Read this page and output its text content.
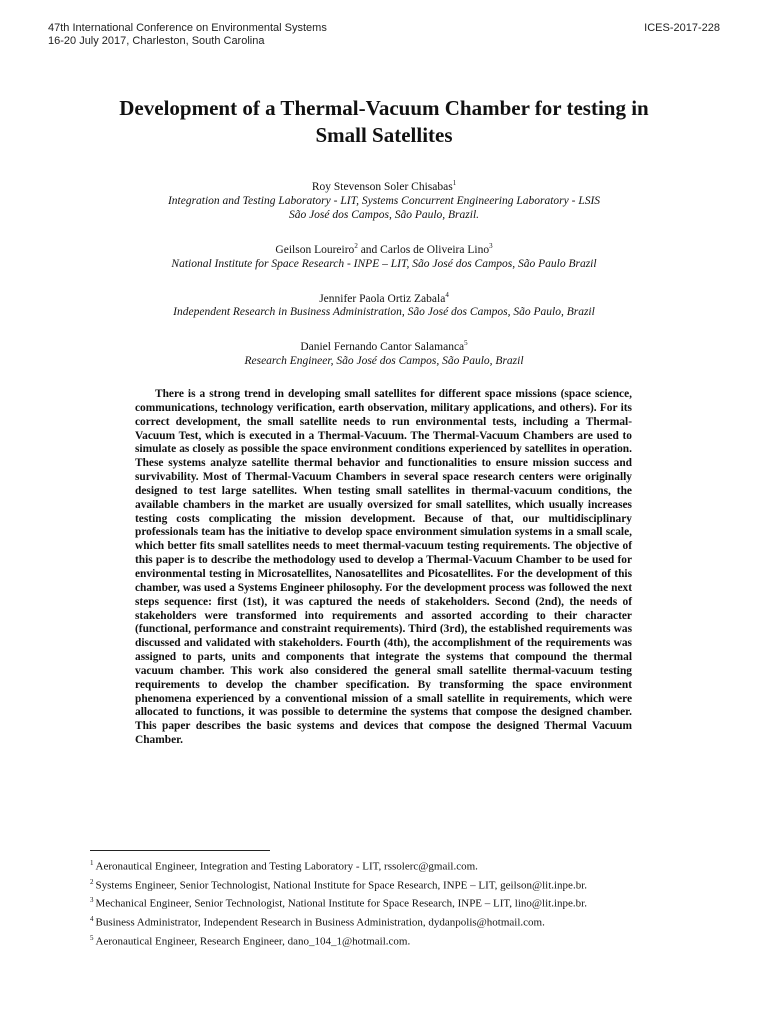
47th International Conference on Environmental Systems
16-20 July 2017, Charleston, South Carolina
ICES-2017-228
Development of a Thermal-Vacuum Chamber for testing in
Small Satellites
Roy Stevenson Soler Chisabas$^1$
Integration and Testing Laboratory - LIT, Systems Concurrent Engineering Laboratory - LSIS
São José dos Campos, São Paulo, Brazil.
Geilson Loureiro$^2$ and Carlos de Oliveira Lino$^3$
National Institute for Space Research - INPE – LIT, São José dos Campos, São Paulo Brazil
Jennifer Paola Ortiz Zabala$^4$
Independent Research in Business Administration, São José dos Campos, São Paulo, Brazil
Daniel Fernando Cantor Salamanca$^5$
Research Engineer, São José dos Campos, São Paulo, Brazil

There is a strong trend in developing small satellites for different space missions (space science, communications, technology verification, earth observation, military applications, and others). For its correct development, the small satellite needs to run environmental tests, including a Thermal-Vacuum Test, which is executed in a Thermal-Vacuum. The Thermal-Vacuum Chambers are used to simulate as closely as possible the space environment conditions experienced by satellites in operation. These systems analyze satellite thermal behavior and functionalities to ensure mission success and survivability. Most of Thermal-Vacuum Chambers in several space research centers were originally designed to test large satellites. When testing small satellites in thermal-vacuum conditions, the available chambers in the market are usually oversized for small satellites, which usually increases testing costs complicating the mission development. Because of that, our multidisciplinary professionals team has the initiative to develop space environment simulation systems in a small scale, which better fits small satellites needs to meet thermal-vacuum testing requirements. The objective of this paper is to describe the methodology used to develop a Thermal-Vacuum Chamber to be used for environmental testing in Microsatellites, Nanosatellites and Picosatellites. For the development of this chamber, was used a Systems Engineer philosophy. For the development process was followed the next steps sequence: first (1st), it was captured the needs of stakeholders. Second (2nd), the needs of stakeholders were transformed into requirements and assorted according to their character (functional, performance and constraint requirements). Third (3rd), the established requirements was discussed and validated with stakeholders. Fourth (4th), the accomplishment of the requirements was assigned to parts, units and components that integrate the systems that compound the thermal vacuum chamber. This work also considered the general small satellite thermal-vacuum testing requirements to develop the chamber specification. By transforming the space environment phenomena experienced by a conventional mission of a small satellite in requirements, which were allocated to functions, it was possible to determine the systems that compose the designed chamber. This paper describes the basic systems and devices that compose the designed Thermal Vacuum Chamber.

$^1$ Aeronautical Engineer, Integration and Testing Laboratory - LIT, rssolerc@gmail.com.
$^2$ Systems Engineer, Senior Technologist, National Institute for Space Research, INPE – LIT, geilson@lit.inpe.br.
$^3$ Mechanical Engineer, Senior Technologist, National Institute for Space Research, INPE – LIT, lino@lit.inpe.br.
$^4$ Business Administrator, Independent Research in Business Administration, dydanpolis@hotmail.com.
$^5$ Aeronautical Engineer, Research Engineer, dano_104_1@hotmail.com.
